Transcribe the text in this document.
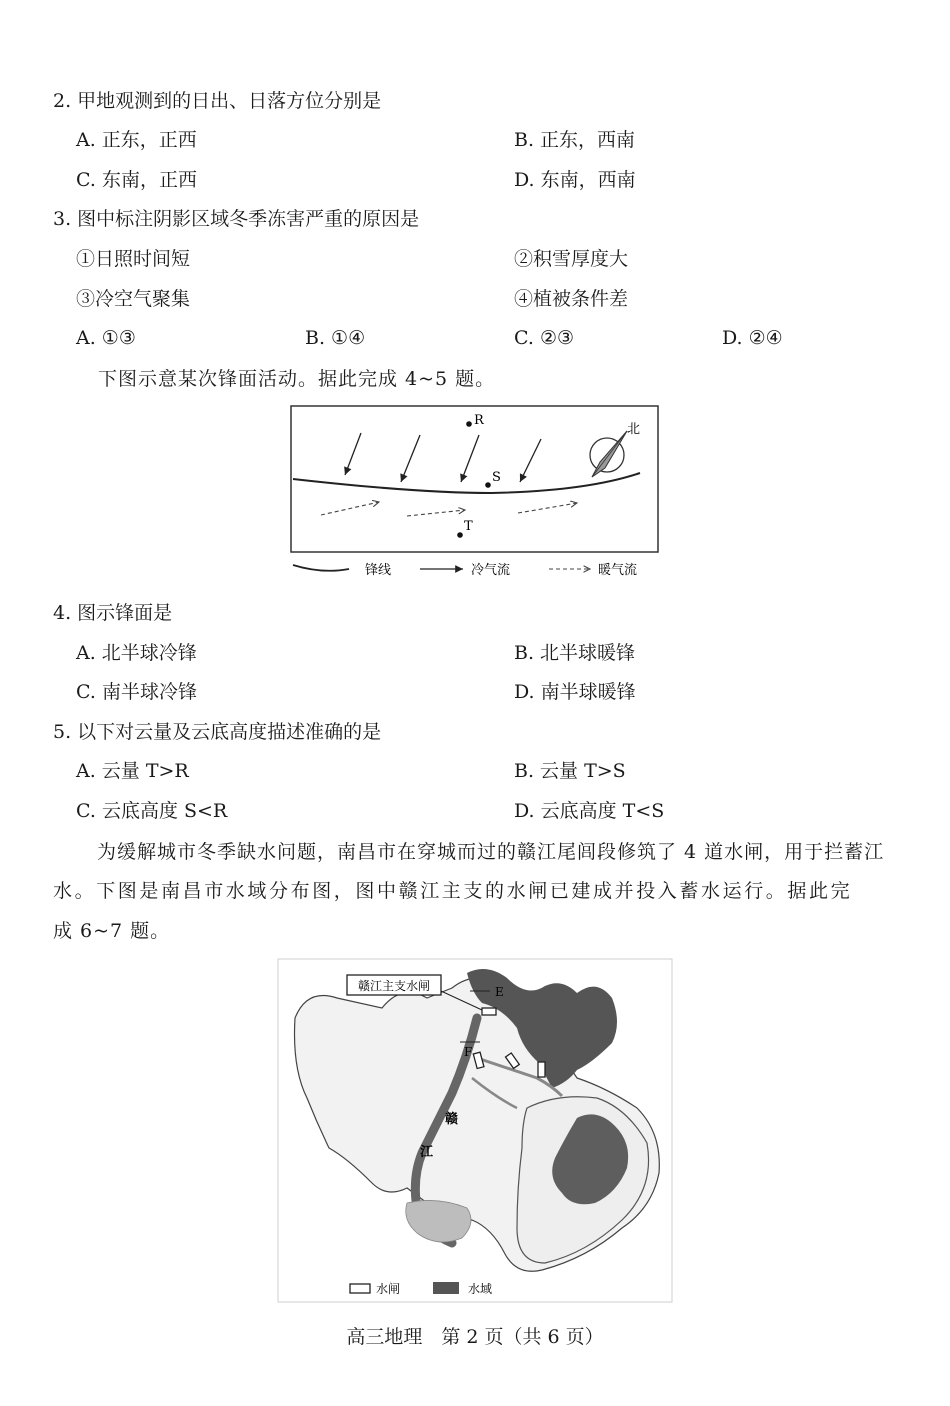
2. 甲地观测到的日出、日落方位分别是
A. 正东，正西	B. 正东，西南
C. 东南，正西	D. 东南，西南
3. 图中标注阴影区域冬季冻害严重的原因是
①日照时间短	②积雪厚度大
③冷空气聚集	④植被条件差
A. ①③	B. ①④	C. ②③	D. ②④
下图示意某次锋面活动。据此完成 4~5 题。
R
S
T
北
锋线	冷气流	暖气流
4. 图示锋面是
A. 北半球冷锋	B. 北半球暖锋
C. 南半球冷锋	D. 南半球暖锋
5. 以下对云量及云底高度描述准确的是
A. 云量 T>R	B. 云量 T>S
C. 云底高度 S<R	D. 云底高度 T<S
为缓解城市冬季缺水问题，南昌市在穿城而过的赣江尾闾段修筑了 4 道水闸，用于拦蓄江
水。下图是南昌市水域分布图，图中赣江主支的水闸已建成并投入蓄水运行。据此完
成 6~7 题。
赣江主支水闸	E
F
赣
江
水闸	水域
高三地理　第 2 页（共 6 页）
